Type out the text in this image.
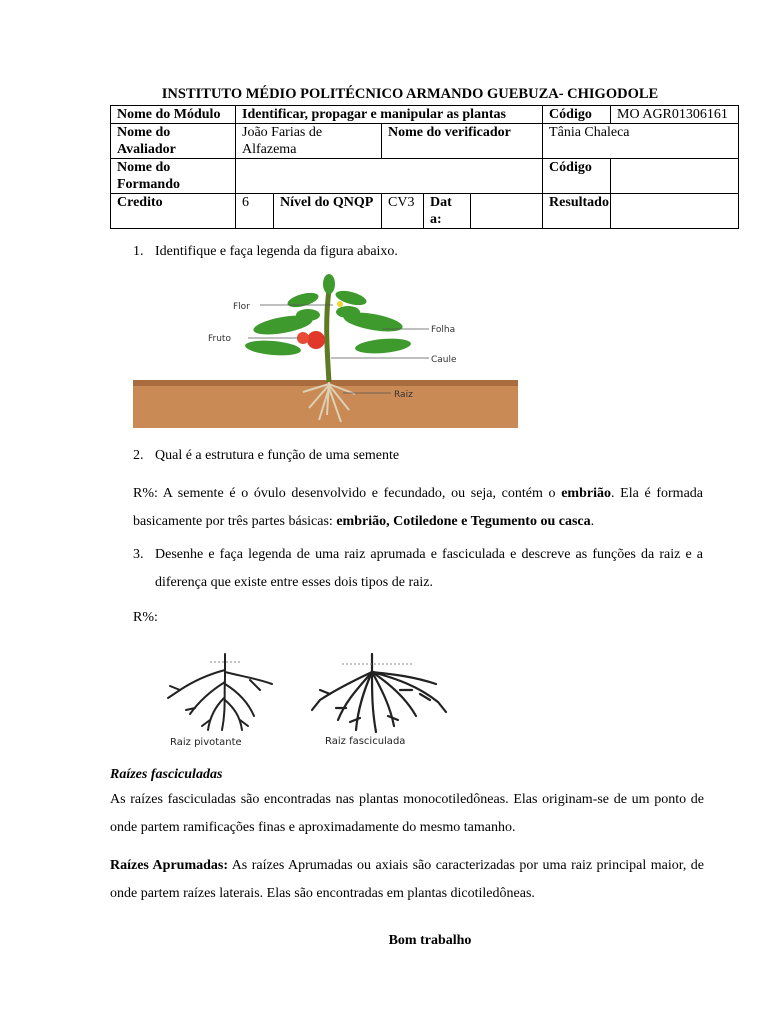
INSTITUTO MÉDIO POLITÉCNICO ARMANDO GUEBUZA- CHIGODOLE
Nome do Módulo	Identificar, propagar e manipular as plantas					Código	MO AGR01306161
Nome do Avaliador	João Farias de Alfazema		Nome do verificador			Tânia Chaleca	
Nome do Formando						Código	
Credito	6	Nível do QNQP	CV3	Dat a:		Resultado	
1. Identifique e faça legenda da figura abaixo.
Flor
Fruto
Folha
Caule
Raiz
2. Qual é a estrutura e função de uma semente
R%: A semente é o óvulo desenvolvido e fecundado, ou seja, contém o embrião. Ela é formada basicamente por três partes básicas: embrião, Cotiledone e Tegumento ou casca.
3. Desenhe e faça legenda de uma raiz aprumada e fasciculada e descreve as funções da raiz e a diferença que existe entre esses dois tipos de raiz.
R%:
Raiz pivotante	Raiz fasciculada
Raízes fasciculadas
As raízes fasciculadas são encontradas nas plantas monocotiledôneas. Elas originam-se de um ponto de onde partem ramificações finas e aproximadamente do mesmo tamanho.
Raízes Aprumadas: As raízes Aprumadas ou axiais são caracterizadas por uma raiz principal maior, de onde partem raízes laterais. Elas são encontradas em plantas dicotiledôneas.
Bom trabalho
